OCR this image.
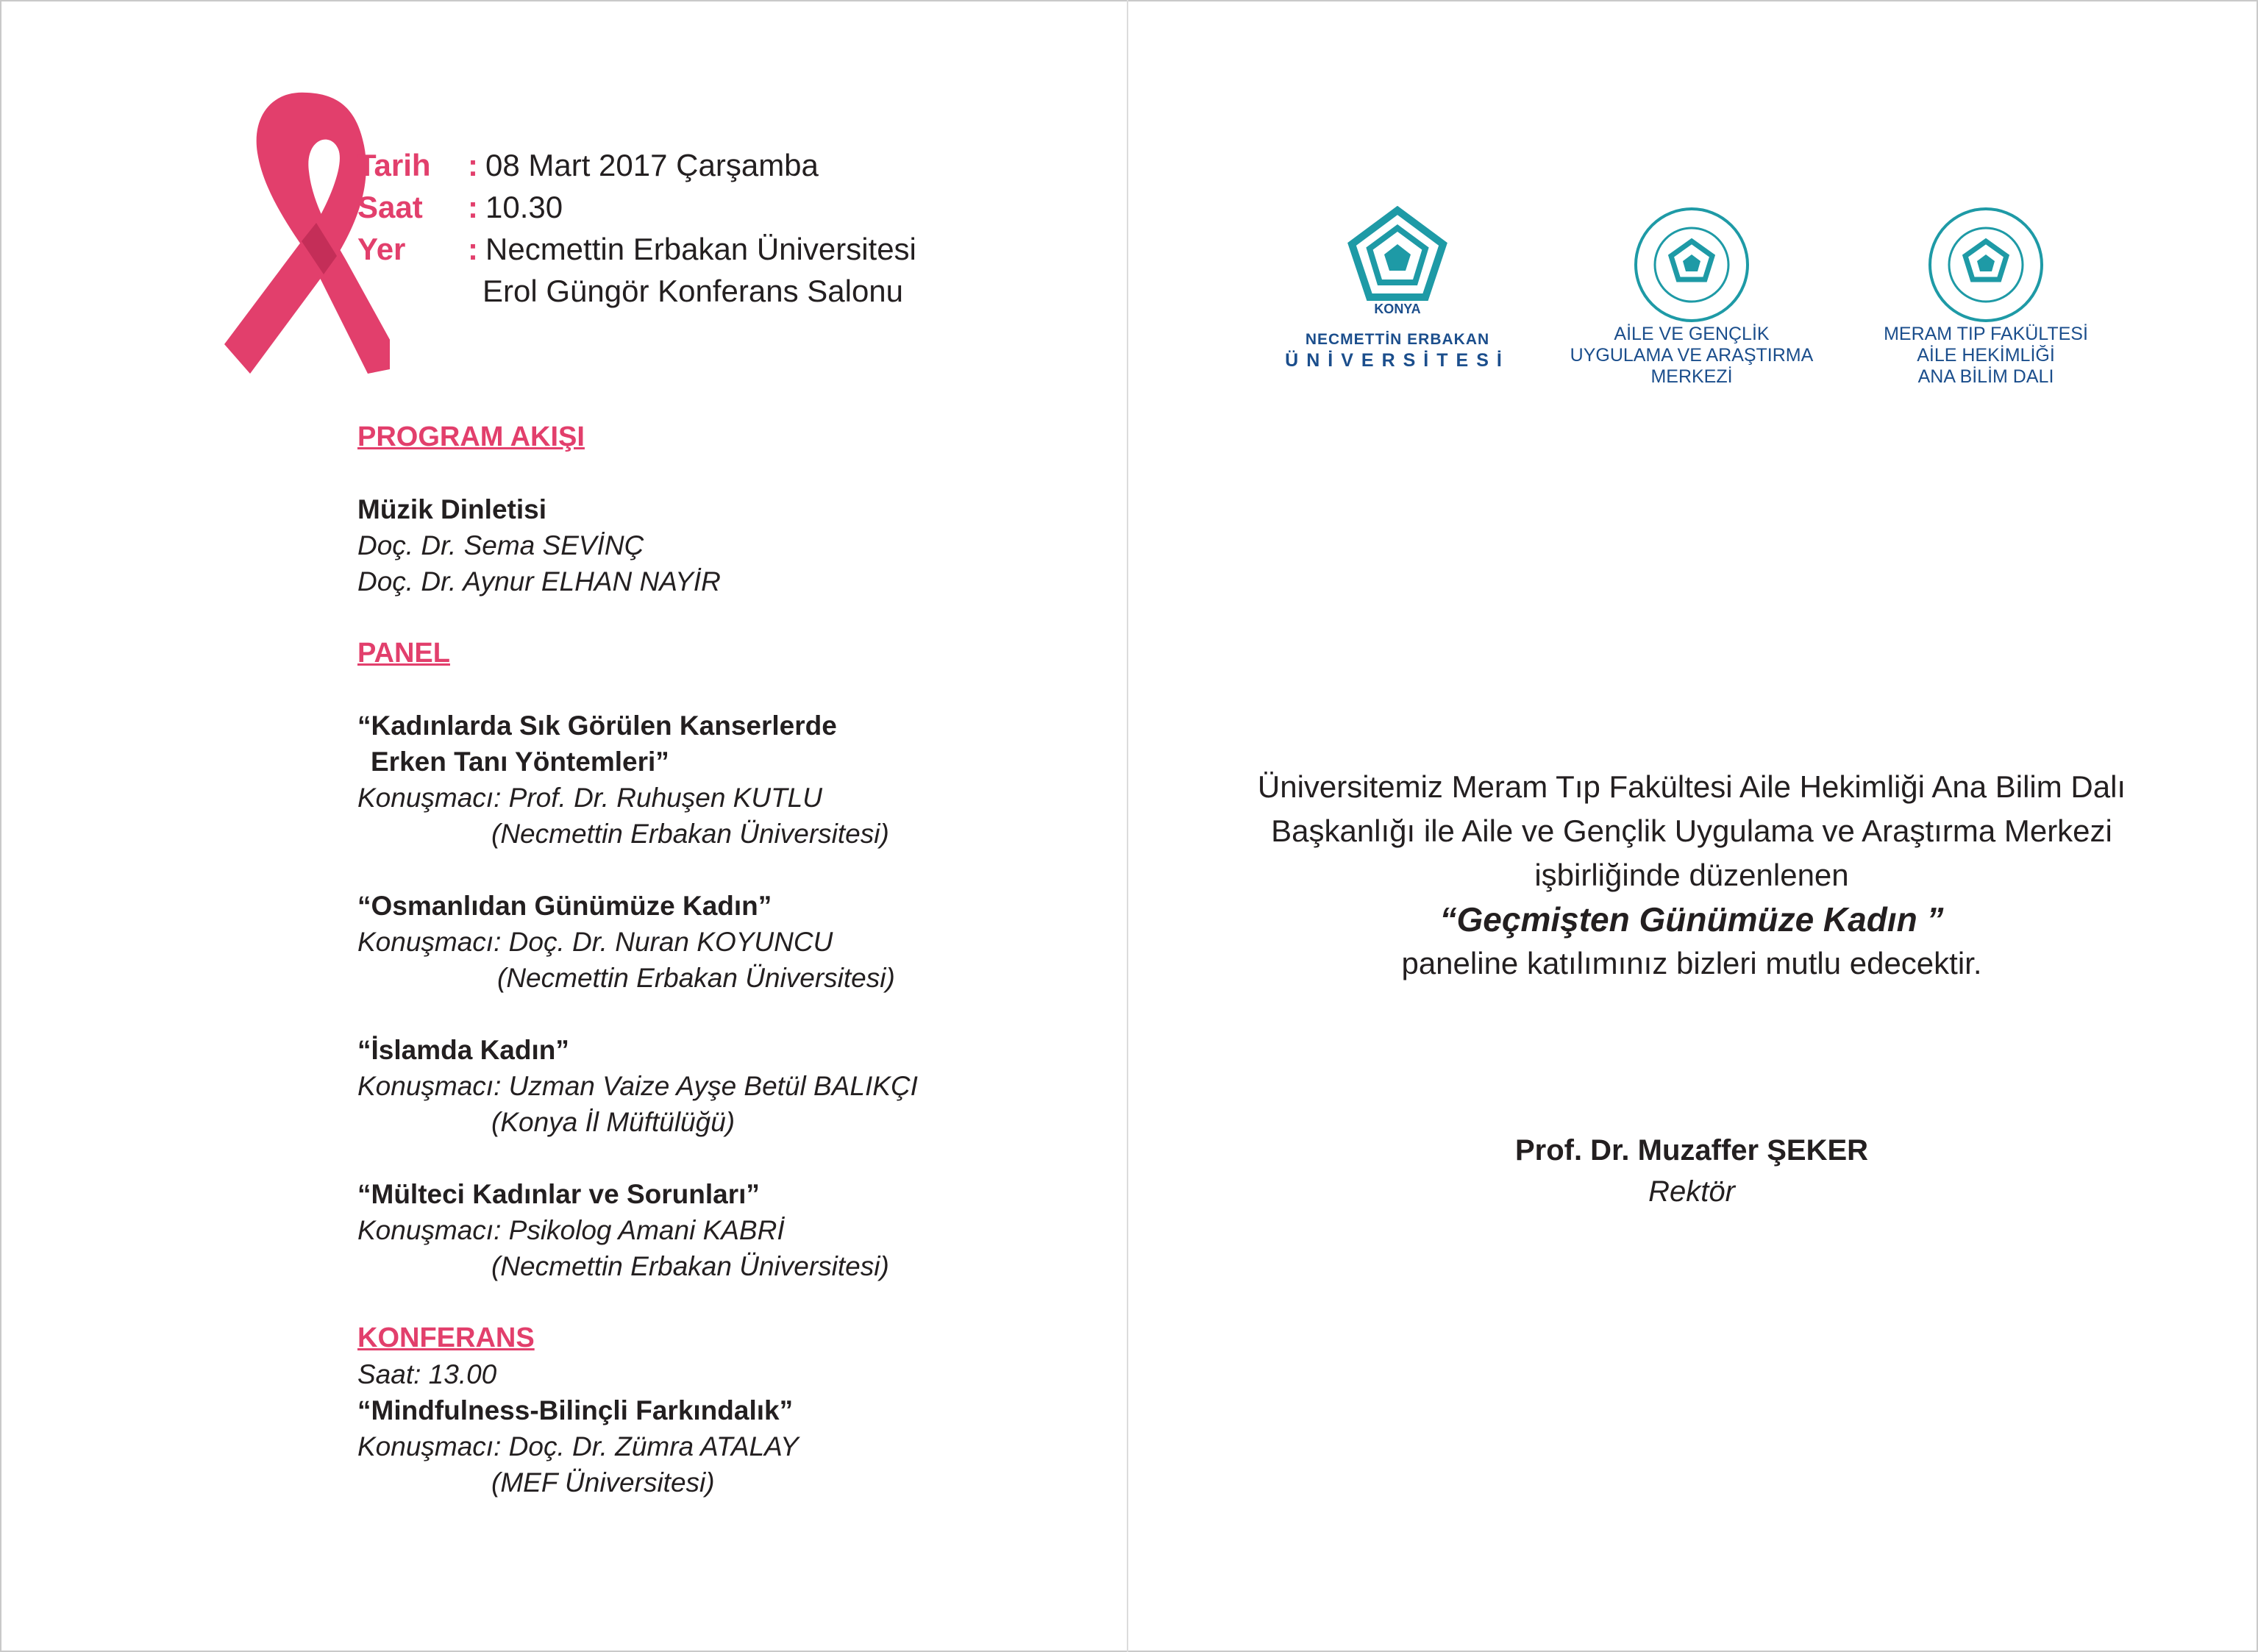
Tarih	: 08 Mart 2017 Çarşamba
Saat	: 10.30
Yer	: Necmettin Erbakan Üniversitesi
Erol Güngör Konferans Salonu
PROGRAM AKIŞI
Müzik Dinletisi
Doç. Dr. Sema SEVİNÇ
Doç. Dr. Aynur ELHAN NAYİR
PANEL
“Kadınlarda Sık Görülen Kanserlerde
Erken Tanı Yöntemleri”
Konuşmacı: Prof. Dr. Ruhuşen KUTLU
(Necmettin Erbakan Üniversitesi)
“Osmanlıdan Günümüze Kadın”
Konuşmacı: Doç. Dr. Nuran KOYUNCU
(Necmettin Erbakan Üniversitesi)
“İslamda Kadın”
Konuşmacı: Uzman Vaize Ayşe Betül BALIKÇI
(Konya İl Müftülüğü)
“Mülteci Kadınlar ve Sorunları”
Konuşmacı: Psikolog Amani KABRİ
(Necmettin Erbakan Üniversitesi)
KONFERANS
Saat: 13.00
“Mindfulness-Bilinçli Farkındalık”
Konuşmacı: Doç. Dr. Zümra ATALAY
(MEF Üniversitesi)
KONYA
NECMETTİN ERBAKAN
ÜNİVERSİTESİ
AİLE VE GENÇLİK
UYGULAMA VE ARAŞTIRMA
MERKEZİ
MERAM TIP FAKÜLTESİ
AİLE HEKİMLİĞİ
ANA BİLİM DALI
Üniversitemiz Meram Tıp Fakültesi Aile Hekimliği Ana Bilim Dalı
Başkanlığı ile Aile ve Gençlik Uygulama ve Araştırma Merkezi
işbirliğinde düzenlenen
“Geçmişten Günümüze Kadın ”
paneline katılımınız bizleri mutlu edecektir.
Prof. Dr. Muzaffer ŞEKER
Rektör
